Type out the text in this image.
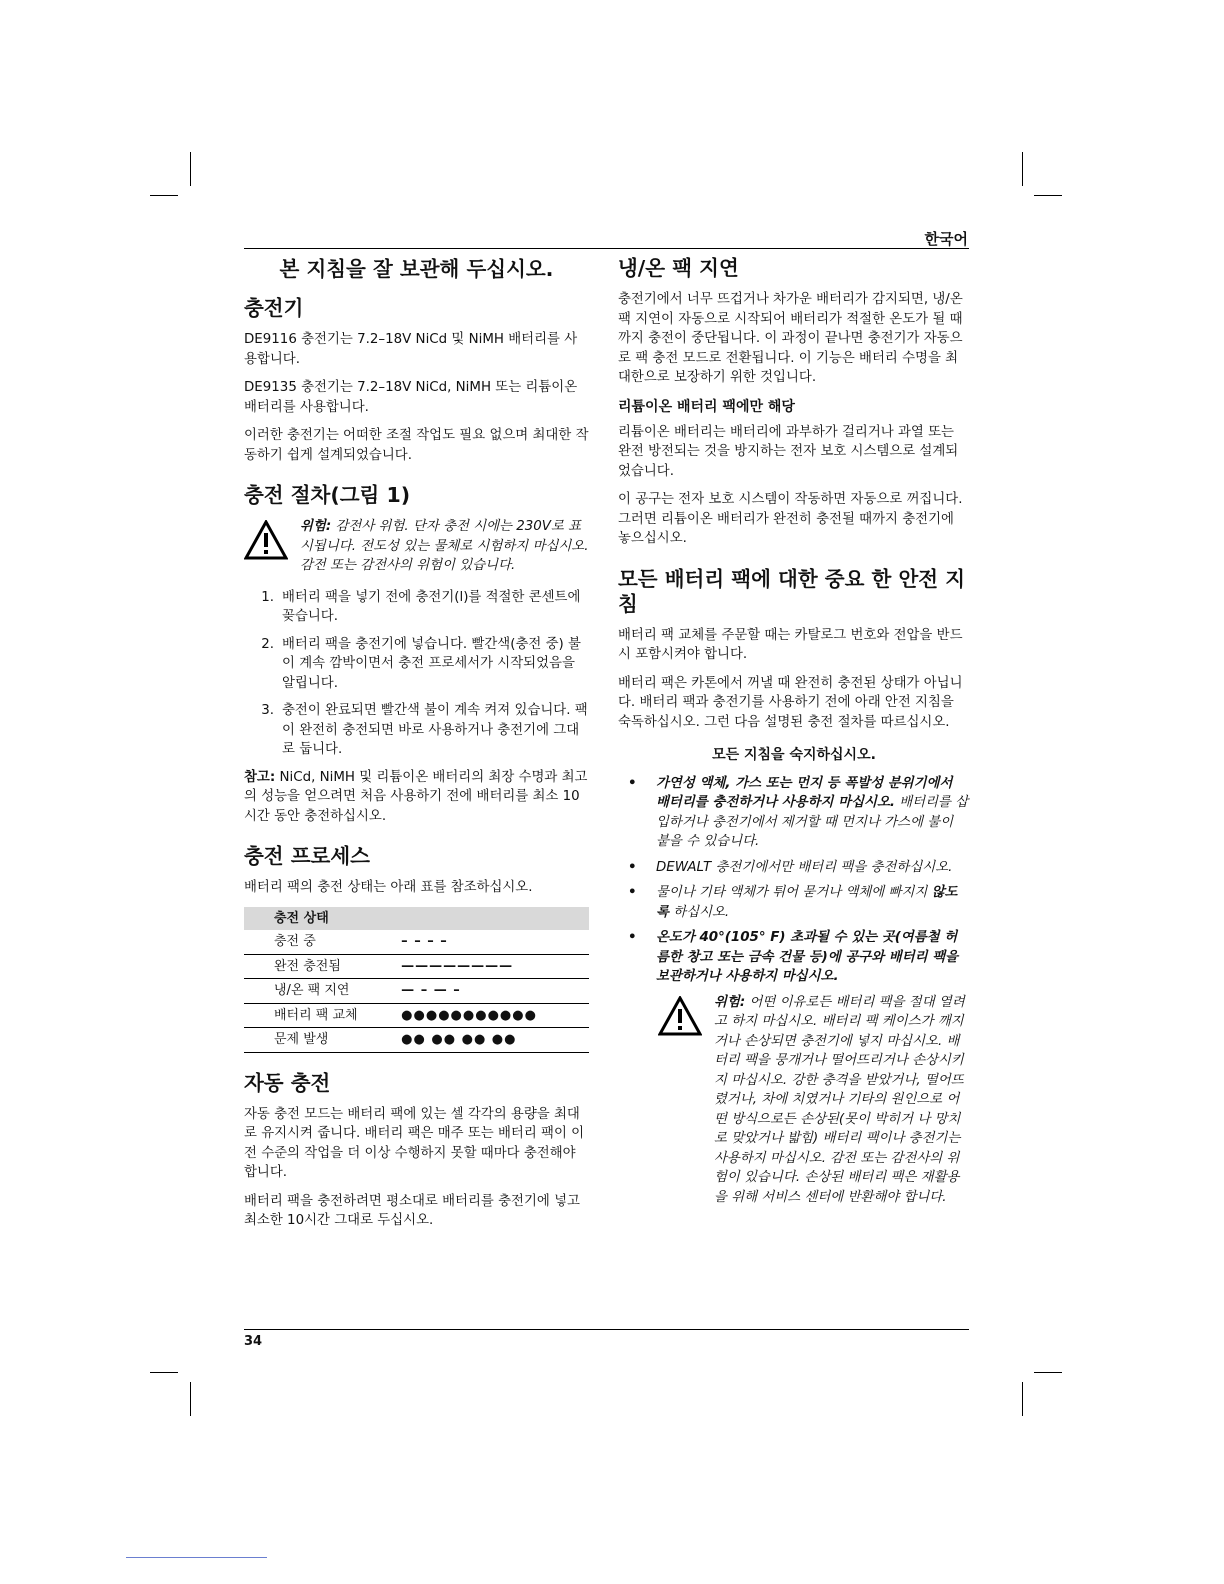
한국어
본 지침을 잘 보관해 두십시오.
충전기

DE9116 충전기는 7.2–18V NiCd 및 NiMH 배터리를 사용합니다.

DE9135 충전기는 7.2–18V NiCd, NiMH 또는 리튬이온 배터리를 사용합니다.

이러한 충전기는 어떠한 조절 작업도 필요 없으며 최대한 작동하기 쉽게 설계되었습니다.

충전 절차(그림 1)
위험: 감전사 위험. 단자 충전 시에는 230V로 표시됩니다. 전도성 있는 물체로 시험하지 마십시오. 감전 또는 감전사의 위험이 있습니다.
1. 배터리 팩을 넣기 전에 충전기(l)를 적절한 콘센트에 꽂습니다.
2. 배터리 팩을 충전기에 넣습니다. 빨간색(충전 중) 불이 계속 깜박이면서 충전 프로세서가 시작되었음을 알립니다.
3. 충전이 완료되면 빨간색 불이 계속 켜져 있습니다. 팩이 완전히 충전되면 바로 사용하거나 충전기에 그대로 둡니다.

참고: NiCd, NiMH 및 리튬이온 배터리의 최장 수명과 최고의 성능을 얻으려면 처음 사용하기 전에 배터리를 최소 10시간 동안 충전하십시오.

충전 프로세스

배터리 팩의 충전 상태는 아래 표를 참조하십시오.

충전 상태	
충전 중	– – – –
완전 충전됨	————————
냉/온 팩 지연	— – — –
배터리 팩 교체	●●●●●●●●●●●
문제 발생	●● ●● ●● ●●
자동 충전

자동 충전 모드는 배터리 팩에 있는 셀 각각의 용량을 최대로 유지시켜 줍니다. 배터리 팩은 매주 또는 배터리 팩이 이전 수준의 작업을 더 이상 수행하지 못할 때마다 충전해야 합니다.

배터리 팩을 충전하려면 평소대로 배터리를 충전기에 넣고 최소한 10시간 그대로 두십시오.

냉/온 팩 지연

충전기에서 너무 뜨겁거나 차가운 배터리가 감지되면, 냉/온 팩 지연이 자동으로 시작되어 배터리가 적절한 온도가 될 때까지 충전이 중단됩니다. 이 과정이 끝나면 충전기가 자동으로 팩 충전 모드로 전환됩니다. 이 기능은 배터리 수명을 최대한으로 보장하기 위한 것입니다.

리튬이온 배터리 팩에만 해당

리튬이온 배터리는 배터리에 과부하가 걸리거나 과열 또는 완전 방전되는 것을 방지하는 전자 보호 시스템으로 설계되었습니다.

이 공구는 전자 보호 시스템이 작동하면 자동으로 꺼집니다. 그러면 리튬이온 배터리가 완전히 충전될 때까지 충전기에 놓으십시오.

모든 배터리 팩에 대한 중요 한 안전 지침

배터리 팩 교체를 주문할 때는 카탈로그 번호와 전압을 반드시 포함시켜야 합니다.

배터리 팩은 카톤에서 꺼낼 때 완전히 충전된 상태가 아닙니다. 배터리 팩과 충전기를 사용하기 전에 아래 안전 지침을 숙독하십시오. 그런 다음 설명된 충전 절차를 따르십시오.

모든 지침을 숙지하십시오.
•	가연성 액체, 가스 또는 먼지 등 폭발성 분위기에서 배터리를 충전하거나 사용하지 마십시오. 배터리를 삽입하거나 충전기에서 제거할 때 먼지나 가스에 불이 붙을 수 있습니다.
•	DEWALT 충전기에서만 배터리 팩을 충전하십시오.
•	물이나 기타 액체가 튀어 묻거나 액체에 빠지지 않도록 하십시오.
•	온도가 40°(105° F) 초과될 수 있는 곳(여름철 허름한 창고 또는 금속 건물 등)에 공구와 배터리 팩을 보관하거나 사용하지 마십시오.
위험: 어떤 이유로든 배터리 팩을 절대 열려고 하지 마십시오. 배터리 팩 케이스가 깨지거나 손상되면 충전기에 넣지 마십시오. 배터리 팩을 뭉개거나 떨어뜨리거나 손상시키지 마십시오. 강한 충격을 받았거나, 떨어뜨렸거나, 차에 치였거나 기타의 원인으로 어떤 방식으로든 손상된(못이 박히거 나 망치로 맞았거나 밟힘) 배터리 팩이나 충전기는 사용하지 마십시오. 감전 또는 감전사의 위험이 있습니다. 손상된 배터리 팩은 재활용을 위해 서비스 센터에 반환해야 합니다.
34
